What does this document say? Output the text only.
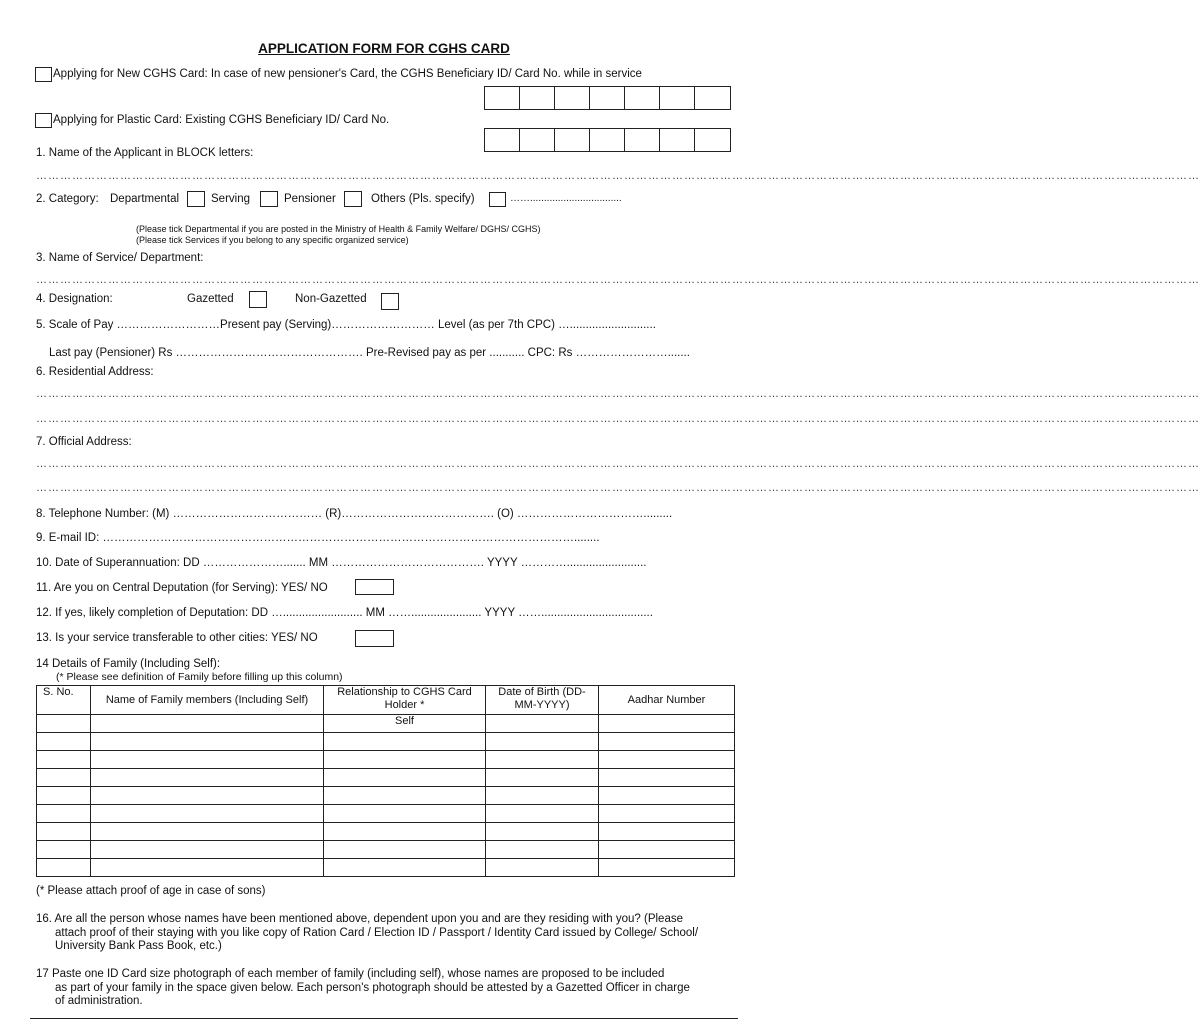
APPLICATION FORM FOR CGHS CARD
Applying for New CGHS Card: In case of new pensioner's Card, the CGHS Beneficiary ID/ Card No. while in service
Applying for Plastic Card: Existing CGHS Beneficiary ID/ Card No.
1. Name of the Applicant in BLOCK letters:
…………………………………………………………………………………………………………………………………………………………………………………………………………………………………………………………………
2. Category: Departmental	Serving	Pensioner	Others (Pls. specify)	…….................................
(Please tick Departmental if you are posted in the Ministry of Health & Family Welfare/ DGHS/ CGHS)
(Please tick Services if you belong to any specific organized service)
3. Name of Service/ Department:
…………………………………………………………………………………………………………………………………………………………………………………………………………………………………………………………………
4. Designation:	Gazetted	Non-Gazetted
5. Scale of Pay ………………………Present pay (Serving)……………………… Level (as per 7th CPC) …...........................
Last pay (Pensioner) Rs …………………………………………. Pre-Revised pay as per ........... CPC: Rs …………………….......
6. Residential Address:
…………………………………………………………………………………………………………………………………………………………………………………………………………………………………………………………………
…………………………………………………………………………………………………………………………………………………………………………………………………………………………………………………………………
7. Official Address:
…………………………………………………………………………………………………………………………………………………………………………………………………………………………………………………………………
…………………………………………………………………………………………………………………………………………………………………………………………………………………………………………………………………
8. Telephone Number: (M) ………………………………… (R)…………………………………. (O) …………………………….........
9. E-mail ID: ……………………………………………………………………………………………………………........
10. Date of Superannuation: DD …………………....... MM …………………………………. YYYY ………….........................
11. Are you on Central Deputation (for Serving): YES/ NO
12. If yes, likely completion of Deputation: DD …......................... MM ……...................... YYYY ……...................................
13. Is your service transferable to other cities: YES/ NO
14 Details of Family (Including Self):
(* Please see definition of Family before filling up this column)
S. No.	Name of Family members (Including Self)	Relationship to CGHS Card Holder *	Date of Birth (DD-MM-YYYY)	Aadhar Number
		Self		

(* Please attach proof of age in case of sons)
16. Are all the person whose names have been mentioned above, dependent upon you and are they residing with you? (Please
attach proof of their staying with you like copy of Ration Card / Election ID / Passport / Identity Card issued by College/ School/
University Bank Pass Book, etc.)
17 Paste one ID Card size photograph of each member of family (including self), whose names are proposed to be included
as part of your family in the space given below. Each person's photograph should be attested by a Gazetted Officer in charge
of administration.
